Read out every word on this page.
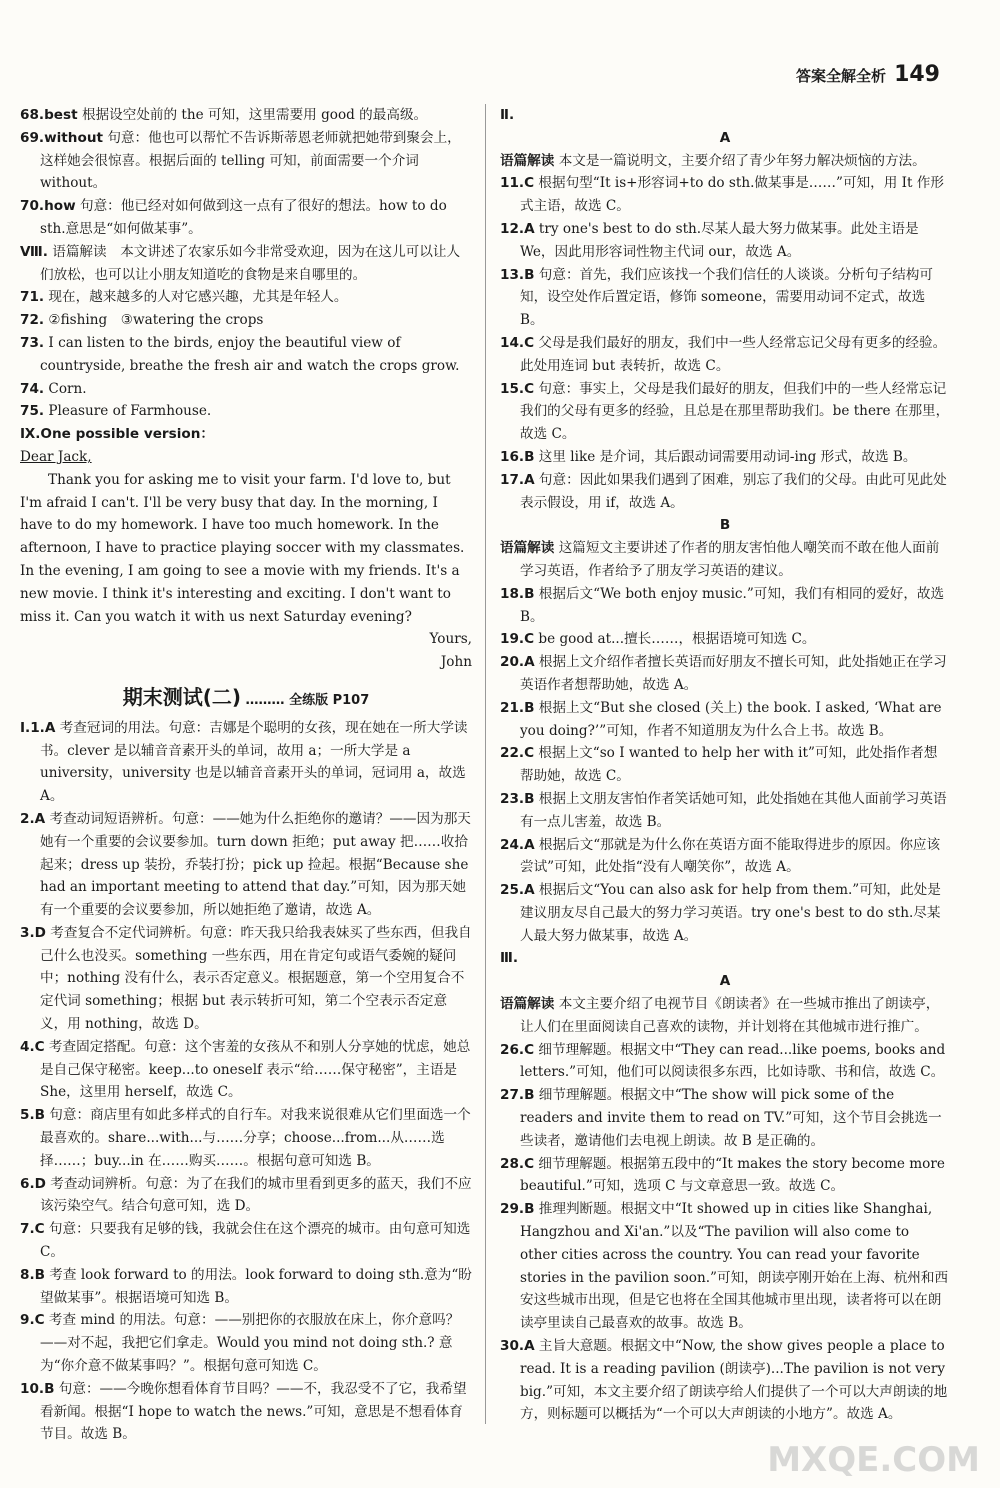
答案全解全析 149

68.best 根据设空处前的 the 可知，这里需要用 good 的最高级。

69.without 句意：他也可以帮忙不告诉斯蒂恩老师就把她带到聚会上，这样她会很惊喜。根据后面的 telling 可知，前面需要一个介词 without。

70.how 句意：他已经对如何做到这一点有了很好的想法。how to do sth.意思是“如何做某事”。

Ⅷ. 语篇解读　本文讲述了农家乐如今非常受欢迎，因为在这儿可以让人们放松，也可以让小朋友知道吃的食物是来自哪里的。

71. 现在，越来越多的人对它感兴趣，尤其是年轻人。

72. ②fishing　③watering the crops

73. I can listen to the birds, enjoy the beautiful view of countryside, breathe the fresh air and watch the crops grow.

74. Corn.

75. Pleasure of Farmhouse.

Ⅸ.One possible version：

Dear Jack,

Thank you for asking me to visit your farm. I'd love to, but I'm afraid I can't. I'll be very busy that day. In the morning, I have to do my homework. I have too much homework. In the afternoon, I have to practice playing soccer with my classmates. In the evening, I am going to see a movie with my friends. It's a new movie. I think it's interesting and exciting. I don't want to miss it. Can you watch it with us next Saturday evening?

Yours,

John

期末测试(二) ……… 全练版 P107

Ⅰ.1.A 考查冠词的用法。句意：吉娜是个聪明的女孩，现在她在一所大学读书。clever 是以辅音音素开头的单词，故用 a；一所大学是 a university，university 也是以辅音音素开头的单词，冠词用 a，故选 A。

2.A 考查动词短语辨析。句意：——她为什么拒绝你的邀请？——因为那天她有一个重要的会议要参加。turn down 拒绝；put away 把……收拾起来；dress up 装扮，乔装打扮；pick up 捡起。根据“Because she had an important meeting to attend that day.”可知，因为那天她有一个重要的会议要参加，所以她拒绝了邀请，故选 A。

3.D 考查复合不定代词辨析。句意：昨天我只给我表妹买了些东西，但我自己什么也没买。something 一些东西，用在肯定句或语气委婉的疑问中；nothing 没有什么，表示否定意义。根据题意，第一个空用复合不定代词 something；根据 but 表示转折可知，第二个空表示否定意义，用 nothing，故选 D。

4.C 考查固定搭配。句意：这个害羞的女孩从不和别人分享她的忧虑，她总是自己保守秘密。keep...to oneself 表示“给……保守秘密”，主语是 She，这里用 herself，故选 C。

5.B 句意：商店里有如此多样式的自行车。对我来说很难从它们里面选一个最喜欢的。share...with...与……分享；choose...from...从……选择……；buy...in 在……购买……。根据句意可知选 B。

6.D 考查动词辨析。句意：为了在我们的城市里看到更多的蓝天，我们不应该污染空气。结合句意可知，选 D。

7.C 句意：只要我有足够的钱，我就会住在这个漂亮的城市。由句意可知选 C。

8.B 考查 look forward to 的用法。look forward to doing sth.意为“盼望做某事”。根据语境可知选 B。

9.C 考查 mind 的用法。句意：——别把你的衣服放在床上，你介意吗？——对不起，我把它们拿走。Would you mind not doing sth.? 意为“你介意不做某事吗？”。根据句意可知选 C。

10.B 句意：——今晚你想看体育节目吗？——不，我忍受不了它，我希望看新闻。根据“I hope to watch the news.”可知，意思是不想看体育节目。故选 B。

Ⅱ.

A

语篇解读 本文是一篇说明文，主要介绍了青少年努力解决烦恼的方法。

11.C 根据句型“It is+形容词+to do sth.做某事是……”可知，用 It 作形式主语，故选 C。

12.A try one's best to do sth.尽某人最大努力做某事。此处主语是 We，因此用形容词性物主代词 our，故选 A。

13.B 句意：首先，我们应该找一个我们信任的人谈谈。分析句子结构可知，设空处作后置定语，修饰 someone，需要用动词不定式，故选 B。

14.C 父母是我们最好的朋友，我们中一些人经常忘记父母有更多的经验。此处用连词 but 表转折，故选 C。

15.C 句意：事实上，父母是我们最好的朋友，但我们中的一些人经常忘记我们的父母有更多的经验，且总是在那里帮助我们。be there 在那里，故选 C。

16.B 这里 like 是介词，其后跟动词需要用动词-ing 形式，故选 B。

17.A 句意：因此如果我们遇到了困难，别忘了我们的父母。由此可见此处表示假设，用 if，故选 A。

B

语篇解读 这篇短文主要讲述了作者的朋友害怕他人嘲笑而不敢在他人面前学习英语，作者给予了朋友学习英语的建议。

18.B 根据后文“We both enjoy music.”可知，我们有相同的爱好，故选 B。

19.C be good at...擅长……，根据语境可知选 C。

20.A 根据上文介绍作者擅长英语而好朋友不擅长可知，此处指她正在学习英语作者想帮助她，故选 A。

21.B 根据上文“But she closed (关上) the book. I asked, ‘What are you doing?’”可知，作者不知道朋友为什么合上书。故选 B。

22.C 根据上文“so I wanted to help her with it”可知，此处指作者想帮助她，故选 C。

23.B 根据上文朋友害怕作者笑话她可知，此处指她在其他人面前学习英语有一点儿害羞，故选 B。

24.A 根据后文“那就是为什么你在英语方面不能取得进步的原因。你应该尝试”可知，此处指“没有人嘲笑你”，故选 A。

25.A 根据后文“You can also ask for help from them.”可知，此处是建议朋友尽自己最大的努力学习英语。try one's best to do sth.尽某人最大努力做某事，故选 A。

Ⅲ.

A

语篇解读 本文主要介绍了电视节目《朗读者》在一些城市推出了朗读亭，让人们在里面阅读自己喜欢的读物，并计划将在其他城市进行推广。

26.C 细节理解题。根据文中“They can read...like poems, books and letters.”可知，他们可以阅读很多东西，比如诗歌、书和信，故选 C。

27.B 细节理解题。根据文中“The show will pick some of the readers and invite them to read on TV.”可知，这个节目会挑选一些读者，邀请他们去电视上朗读。故 B 是正确的。

28.C 细节理解题。根据第五段中的“It makes the story become more beautiful.”可知，选项 C 与文章意思一致。故选 C。

29.B 推理判断题。根据文中“It showed up in cities like Shanghai, Hangzhou and Xi'an.”以及“The pavilion will also come to other cities across the country. You can read your favorite stories in the pavilion soon.”可知，朗读亭刚开始在上海、杭州和西安这些城市出现，但是它也将在全国其他城市里出现，读者将可以在朗读亭里读自己最喜欢的故事。故选 B。

30.A 主旨大意题。根据文中“Now, the show gives people a place to read. It is a reading pavilion (朗读亭)...The pavilion is not very big.”可知，本文主要介绍了朗读亭给人们提供了一个可以大声朗读的地方，则标题可以概括为“一个可以大声朗读的小地方”。故选 A。

MXQE.COM
